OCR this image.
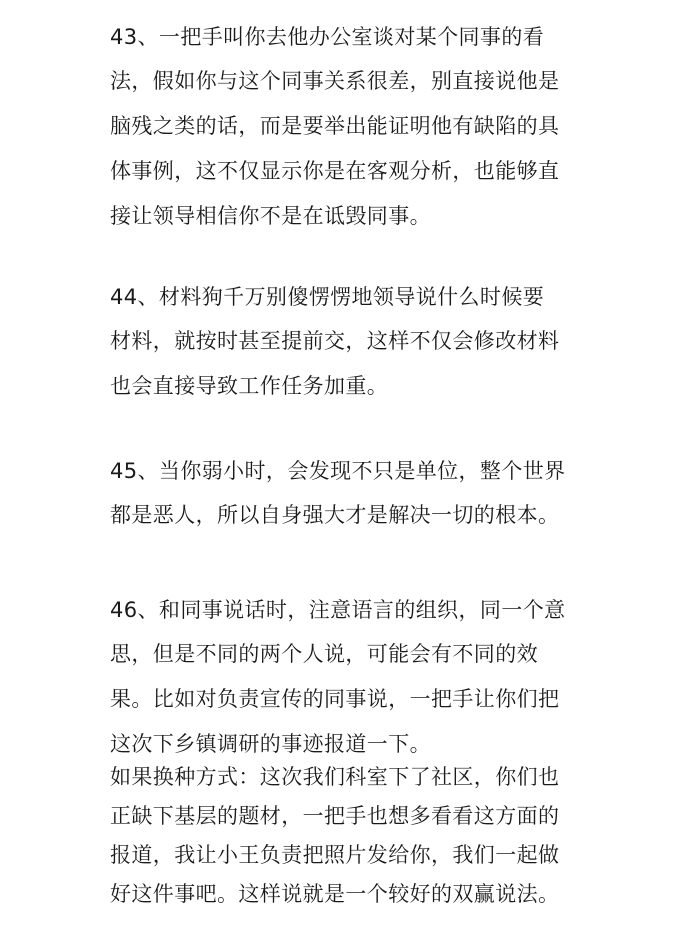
43、一把手叫你去他办公室谈对某个同事的看
法，假如你与这个同事关系很差，别直接说他是
脑残之类的话，而是要举出能证明他有缺陷的具
体事例，这不仅显示你是在客观分析，也能够直
接让领导相信你不是在诋毁同事。
44、材料狗千万别傻愣愣地领导说什么时候要
材料，就按时甚至提前交，这样不仅会修改材料
也会直接导致工作任务加重。
45、当你弱小时，会发现不只是单位，整个世界
都是恶人，所以自身强大才是解决一切的根本。
46、和同事说话时，注意语言的组织，同一个意
思，但是不同的两个人说，可能会有不同的效
果。比如对负责宣传的同事说，一把手让你们把
这次下乡镇调研的事迹报道一下。
如果换种方式：这次我们科室下了社区，你们也
正缺下基层的题材，一把手也想多看看这方面的
报道，我让小王负责把照片发给你，我们一起做
好这件事吧。这样说就是一个较好的双赢说法。
